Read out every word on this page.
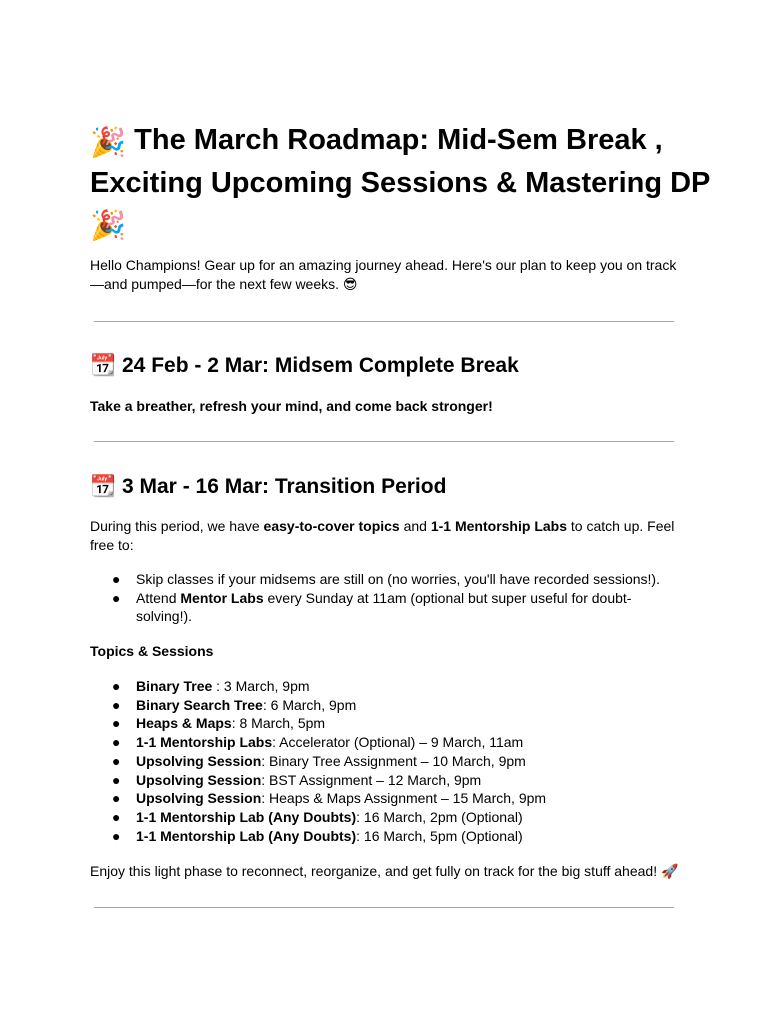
🎉 The March Roadmap: Mid-Sem Break , Exciting Upcoming Sessions & Mastering DP 🎉

Hello Champions! Gear up for an amazing journey ahead. Here's our plan to keep you on track—and pumped—for the next few weeks. 😎

📆 24 Feb - 2 Mar: Midsem Complete Break

Take a breather, refresh your mind, and come back stronger!

📆 3 Mar - 16 Mar: Transition Period

During this period, we have easy-to-cover topics and 1-1 Mentorship Labs to catch up. Feel free to:

● Skip classes if your midsems are still on (no worries, you'll have recorded sessions!).
● Attend Mentor Labs every Sunday at 11am (optional but super useful for doubt-solving!).

Topics & Sessions

● Binary Tree : 3 March, 9pm
● Binary Search Tree: 6 March, 9pm
● Heaps & Maps: 8 March, 5pm
● 1-1 Mentorship Labs: Accelerator (Optional) – 9 March, 11am
● Upsolving Session: Binary Tree Assignment – 10 March, 9pm
● Upsolving Session: BST Assignment – 12 March, 9pm
● Upsolving Session: Heaps & Maps Assignment – 15 March, 9pm
● 1-1 Mentorship Lab (Any Doubts): 16 March, 2pm (Optional)
● 1-1 Mentorship Lab (Any Doubts): 16 March, 5pm (Optional)

Enjoy this light phase to reconnect, reorganize, and get fully on track for the big stuff ahead! 🚀
